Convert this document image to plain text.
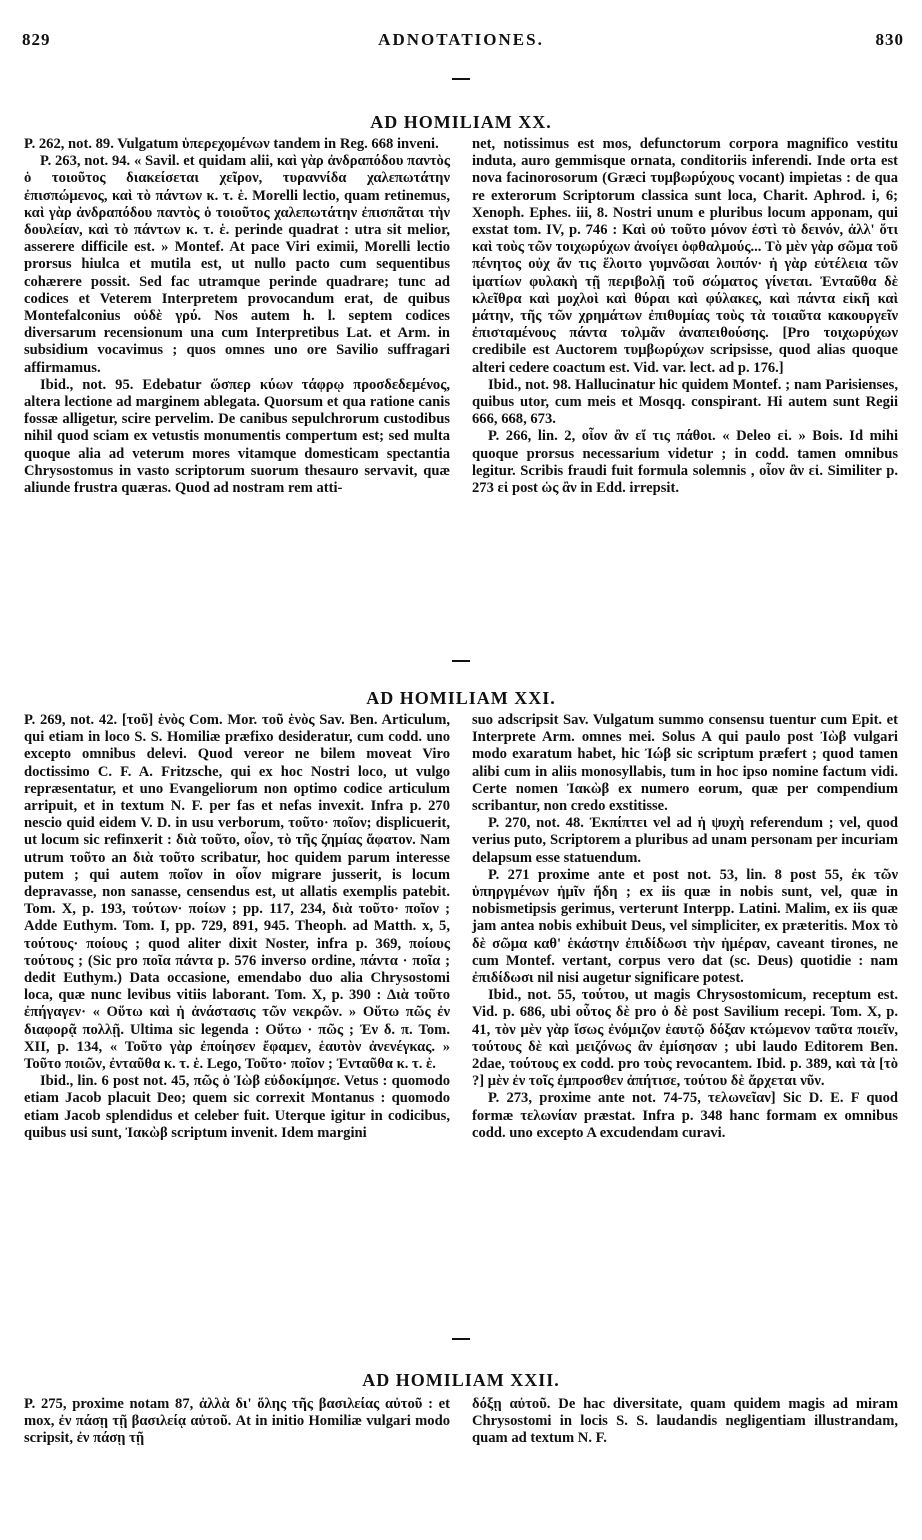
829	ADNOTATIONES.	830
AD HOMILIAM XX.

P. 262, not. 89. Vulgatum ὑπερεχομένων tandem in Reg. 668 inveni.

P. 263, not. 94. « Savil. et quidam alii, καὶ γὰρ ἀνδραπόδου παντὸς ὁ τοιοῦτος διακείσεται χεῖρον, τυραννίδα χαλεπωτάτην ἐπισπώμενος, καὶ τὸ πάντων κ. τ. ἑ. Morelli lectio, quam retinemus, καὶ γὰρ ἀνδραπόδου παντὸς ὁ τοιοῦτος χαλεπωτάτην ἐπισπᾶται τὴν δουλείαν, καὶ τὸ πάντων κ. τ. ἑ. perinde quadrat : utra sit melior, asserere difficile est. » Montef. At pace Viri eximii, Morelli lectio prorsus hiulca et mutila est, ut nullo pacto cum sequentibus cohærere possit. Sed fac utramque perinde quadrare; tunc ad codices et Veterem Interpretem provocandum erat, de quibus Montefalconius οὐδὲ γρύ. Nos autem h. l. septem codices diversarum recensionum una cum Interpretibus Lat. et Arm. in subsidium vocavimus ; quos omnes uno ore Savilio suffragari affirmamus.

Ibid., not. 95. Edebatur ὥσπερ κύων τάφρῳ προσδεδεμένος, altera lectione ad marginem ablegata. Quorsum et qua ratione canis fossæ alligetur, scire pervelim. De canibus sepulchrorum custodibus nihil quod sciam ex vetustis monumentis compertum est; sed multa quoque alia ad veterum mores vitamque domesticam spectantia Chrysostomus in vasto scriptorum suorum thesauro servavit, quæ aliunde frustra quæras. Quod ad nostram rem atti-

net, notissimus est mos, defunctorum corpora magnifico vestitu induta, auro gemmisque ornata, conditoriis inferendi. Inde orta est nova facinorosorum (Græci τυμβωρύχους vocant) impietas : de qua re exterorum Scriptorum classica sunt loca, Charit. Aphrod. i, 6; Xenoph. Ephes. iii, 8. Nostri unum e pluribus locum apponam, qui exstat tom. IV, p. 746 : Καὶ οὐ τοῦτο μόνον ἐστὶ τὸ δεινόν, ἀλλ' ὅτι καὶ τοὺς τῶν τοιχωρύχων ἀνοίγει ὀφθαλμούς... Τὸ μὲν γὰρ σῶμα τοῦ πένητος οὐχ ἄν τις ἕλοιτο γυμνῶσαι λοιπόν· ἡ γὰρ εὐτέλεια τῶν ἱματίων φυλακὴ τῇ περιβολῇ τοῦ σώματος γίνεται. Ἐνταῦθα δὲ κλεῖθρα καὶ μοχλοὶ καὶ θύραι καὶ φύλακες, καὶ πάντα εἰκῆ καὶ μάτην, τῆς τῶν χρημάτων ἐπιθυμίας τοὺς τὰ τοιαῦτα κακουργεῖν ἐπισταμένους πάντα τολμᾶν ἀναπειθούσης. [Pro τοιχωρύχων credibile est Auctorem τυμβωρύχων scripsisse, quod alias quoque alteri cedere coactum est. Vid. var. lect. ad p. 176.]

Ibid., not. 98. Hallucinatur hic quidem Montef. ; nam Parisienses, quibus utor, cum meis et Mosqq. conspirant. Hi autem sunt Regii 666, 668, 673.

P. 266, lin. 2, οἷον ἂν εἴ τις πάθοι. « Deleo εἰ. » Bois. Id mihi quoque prorsus necessarium videtur ; in codd. tamen omnibus legitur. Scribis fraudi fuit formula solemnis , οἷον ἂν εἰ. Similiter p. 273 εἰ post ὡς ἂν in Edd. irrepsit.

AD HOMILIAM XXI.

P. 269, not. 42. [τοῦ] ἑνὸς Com. Mor. τοῦ ἑνὸς Sav. Ben. Articulum, qui etiam in loco S. S. Homiliæ præfixo desideratur, cum codd. uno excepto omnibus delevi. Quod vereor ne bilem moveat Viro doctissimo C. F. A. Fritzsche, qui ex hoc Nostri loco, ut vulgo repræsentatur, et uno Evangeliorum non optimo codice articulum arripuit, et in textum N. F. per fas et nefas invexit. Infra p. 270 nescio quid eidem V. D. in usu verborum, τοῦτο· ποῖον; displicuerit, ut locum sic refinxerit : διὰ τοῦτο, οἷον, τὸ τῆς ζημίας ἄφατον. Nam utrum τοῦτο an διὰ τοῦτο scribatur, hoc quidem parum interesse putem ; qui autem ποῖον in οἷον migrare jusserit, is locum depravasse, non sanasse, censendus est, ut allatis exemplis patebit. Tom. X, p. 193, τούτων· ποίων ; pp. 117, 234, διὰ τοῦτο· ποῖον ; Adde Euthym. Tom. I, pp. 729, 891, 945. Theoph. ad Matth. x, 5, τούτους· ποίους ; quod aliter dixit Noster, infra p. 369, ποίους τούτους ; (Sic pro ποῖα πάντα p. 576 inverso ordine, πάντα · ποῖα ; dedit Euthym.) Data occasione, emendabo duo alia Chrysostomi loca, quæ nunc levibus vitiis laborant. Tom. X, p. 390 : Διὰ τοῦτο ἐπήγαγεν· « Οὕτω καὶ ἡ ἀνάστασις τῶν νεκρῶν. » Οὕτω πῶς ἐν διαφορᾷ πολλῇ. Ultima sic legenda : Οὕτω · πῶς ; Ἐν δ. π. Tom. XII, p. 134, « Τοῦτο γὰρ ἐποίησεν ἔφαμεν, ἑαυτὸν ἀνενέγκας. » Τοῦτο ποιῶν, ἐνταῦθα κ. τ. ἑ. Lego, Τοῦτο· ποῖον ; Ἐνταῦθα κ. τ. ἑ.

Ibid., lin. 6 post not. 45, πῶς ὁ Ἰὼβ εὐδοκίμησε. Vetus : quomodo etiam Jacob placuit Deo; quem sic correxit Montanus : quomodo etiam Jacob splendidus et celeber fuit. Uterque igitur in codicibus, quibus usi sunt, Ἰακὼβ scriptum invenit. Idem margini

suo adscripsit Sav. Vulgatum summo consensu tuentur cum Epit. et Interprete Arm. omnes mei. Solus A qui paulo post Ἰὼβ vulgari modo exaratum habet, hic Ἰώβ sic scriptum præfert ; quod tamen alibi cum in aliis monosyllabis, tum in hoc ipso nomine factum vidi. Certe nomen Ἰακὼβ ex numero eorum, quæ per compendium scribantur, non credo exstitisse.

P. 270, not. 48. Ἐκπίπτει vel ad ἡ ψυχὴ referendum ; vel, quod verius puto, Scriptorem a pluribus ad unam personam per incuriam delapsum esse statuendum.

P. 271 proxime ante et post not. 53, lin. 8 post 55, ἐκ τῶν ὑπηργμένων ἡμῖν ἤδη ; ex iis quæ in nobis sunt, vel, quæ in nobismetipsis gerimus, verterunt Interpp. Latini. Malim, ex iis quæ jam antea nobis exhibuit Deus, vel simpliciter, ex præteritis. Mox τὸ δὲ σῶμα καθ' ἑκάστην ἐπιδίδωσι τὴν ἡμέραν, caveant tirones, ne cum Montef. vertant, corpus vero dat (sc. Deus) quotidie : nam ἐπιδίδωσι nil nisi augetur significare potest.

Ibid., not. 55, τούτου, ut magis Chrysostomicum, receptum est. Vid. p. 686, ubi οὗτος δὲ pro ὁ δὲ post Savilium recepi. Tom. X, p. 41, τὸν μὲν γὰρ ἴσως ἐνόμιζον ἑαυτῷ δόξαν κτώμενον ταῦτα ποιεῖν, τούτους δὲ καὶ μειζόνως ἂν ἐμίσησαν ; ubi laudo Editorem Ben. 2dae, τούτους ex codd. pro τοὺς revocantem. Ibid. p. 389, καὶ τὰ [τὸ ?] μὲν ἐν τοῖς ἐμπροσθεν ἀπήτισε, τούτου δὲ ἄρχεται νῦν.

P. 273, proxime ante not. 74-75, τελωνεῖαν] Sic D. E. F quod formæ τελωνίαν præstat. Infra p. 348 hanc formam ex omnibus codd. uno excepto A excudendam curavi.

AD HOMILIAM XXII.

P. 275, proxime notam 87, ἀλλὰ δι' ὅλης τῆς βασιλείας αὐτοῦ : et mox, ἐν πάσῃ τῇ βασιλείᾳ αὐτοῦ. At in initio Homiliæ vulgari modo scripsit, ἐν πάσῃ τῇ

δόξῃ αὐτοῦ. De hac diversitate, quam quidem magis ad miram Chrysostomi in locis S. S. laudandis negligentiam illustrandam, quam ad textum N. F.
